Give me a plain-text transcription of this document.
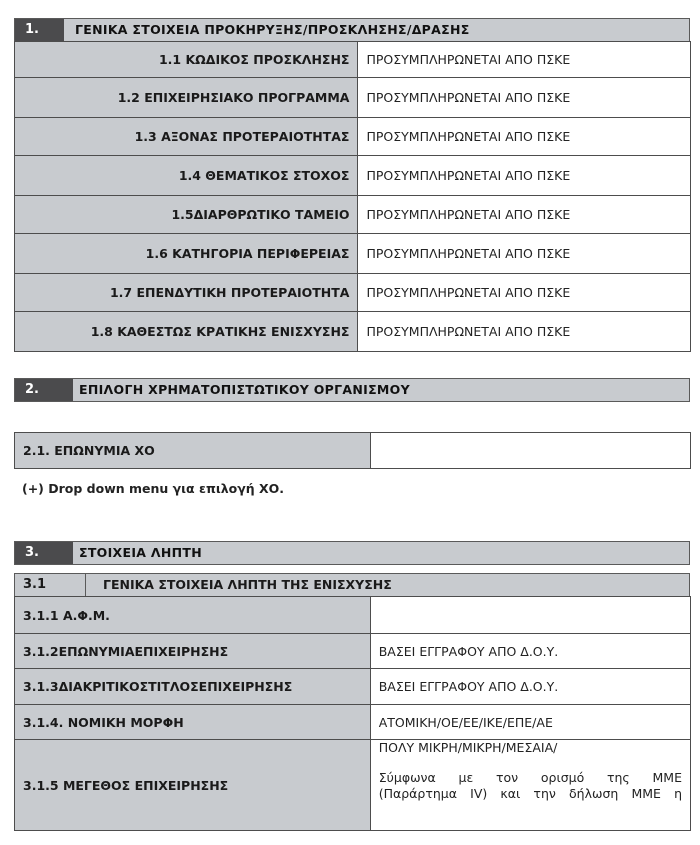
1.	ΓΕΝΙΚΑ ΣΤΟΙΧΕΙΑ ΠΡΟΚΗΡΥΞΗΣ/ΠΡΟΣΚΛΗΣΗΣ/ΔΡΑΣΗΣ
1.1 ΚΩΔΙΚΟΣ ΠΡΟΣΚΛΗΣΗΣ	ΠΡΟΣΥΜΠΛΗΡΩΝΕΤΑΙ ΑΠΟ ΠΣΚΕ
1.2 ΕΠΙΧΕΙΡΗΣΙΑΚΟ ΠΡΟΓΡΑΜΜΑ	ΠΡΟΣΥΜΠΛΗΡΩΝΕΤΑΙ ΑΠΟ ΠΣΚΕ
1.3 ΑΞΟΝΑΣ ΠΡΟΤΕΡΑΙΟΤΗΤΑΣ	ΠΡΟΣΥΜΠΛΗΡΩΝΕΤΑΙ ΑΠΟ ΠΣΚΕ
1.4 ΘΕΜΑΤΙΚΟΣ ΣΤΟΧΟΣ	ΠΡΟΣΥΜΠΛΗΡΩΝΕΤΑΙ ΑΠΟ ΠΣΚΕ
1.5ΔΙΑΡΘΡΩΤΙΚΟ ΤΑΜΕΙΟ	ΠΡΟΣΥΜΠΛΗΡΩΝΕΤΑΙ ΑΠΟ ΠΣΚΕ
1.6 ΚΑΤΗΓΟΡΙΑ ΠΕΡΙΦΕΡΕΙΑΣ	ΠΡΟΣΥΜΠΛΗΡΩΝΕΤΑΙ ΑΠΟ ΠΣΚΕ
1.7 ΕΠΕΝΔΥΤΙΚΗ ΠΡΟΤΕΡΑΙΟΤΗΤΑ	ΠΡΟΣΥΜΠΛΗΡΩΝΕΤΑΙ ΑΠΟ ΠΣΚΕ
1.8 ΚΑΘΕΣΤΩΣ ΚΡΑΤΙΚΗΣ ΕΝΙΣΧΥΣΗΣ	ΠΡΟΣΥΜΠΛΗΡΩΝΕΤΑΙ ΑΠΟ ΠΣΚΕ
2.	ΕΠΙΛΟΓΗ ΧΡΗΜΑΤΟΠΙΣΤΩΤΙΚΟΥ ΟΡΓΑΝΙΣΜΟΥ
2.1. ΕΠΩΝΥΜΙΑ ΧΟ	
(+) Drop down menu για επιλογή ΧΟ.
3.	ΣΤΟΙΧΕΙΑ ΛΗΠΤΗ
3.1	ΓΕΝΙΚΑ ΣΤΟΙΧΕΙΑ ΛΗΠΤΗ ΤΗΣ ΕΝΙΣΧΥΣΗΣ
3.1.1 Α.Φ.Μ.	
3.1.2ΕΠΩΝΥΜΙΑΕΠΙΧΕΙΡΗΣΗΣ	ΒΑΣΕΙ ΕΓΓΡΑΦΟΥ ΑΠΟ Δ.Ο.Υ.
3.1.3ΔΙΑΚΡΙΤΙΚΟΣΤΙΤΛΟΣΕΠΙΧΕΙΡΗΣΗΣ	ΒΑΣΕΙ ΕΓΓΡΑΦΟΥ ΑΠΟ Δ.Ο.Υ.
3.1.4. ΝΟΜΙΚΗ ΜΟΡΦΗ	ΑΤΟΜΙΚΗ/ΟΕ/ΕΕ/ΙΚΕ/ΕΠΕ/ΑΕ
3.1.5 ΜΕΓΕΘΟΣ ΕΠΙΧΕΙΡΗΣΗΣ	ΠΟΛΥ ΜΙΚΡΗ/ΜΙΚΡΗ/ΜΕΣΑΙΑ/

Σύμφωνα με τον ορισμό της ΜΜΕ

(Παράρτημα IV) και την δήλωση ΜΜΕ η
